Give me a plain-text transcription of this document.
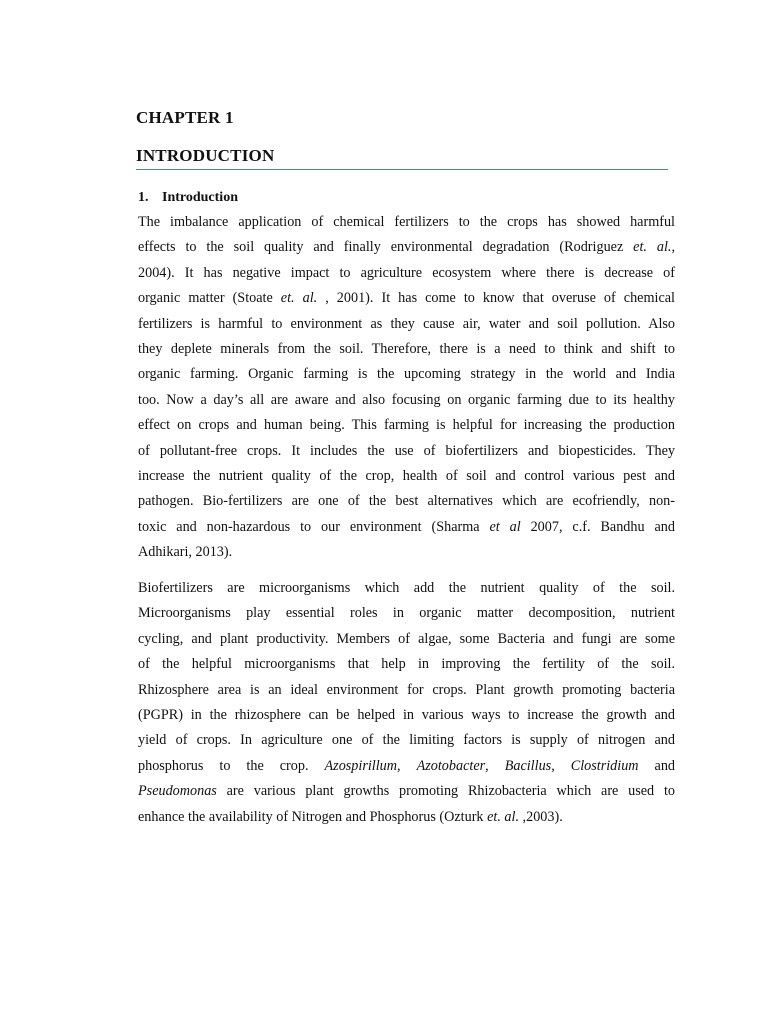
CHAPTER 1
INTRODUCTION
1. Introduction

The imbalance application of chemical fertilizers to the crops has showed harmful
effects to the soil quality and finally environmental degradation (Rodriguez et. al.,
2004). It has negative impact to agriculture ecosystem where there is decrease of
organic matter (Stoate et. al. , 2001). It has come to know that overuse of chemical
fertilizers is harmful to environment as they cause air, water and soil pollution. Also
they deplete minerals from the soil. Therefore, there is a need to think and shift to
organic farming. Organic farming is the upcoming strategy in the world and India
too. Now a day’s all are aware and also focusing on organic farming due to its healthy
effect on crops and human being. This farming is helpful for increasing the production
of pollutant-free crops. It includes the use of biofertilizers and biopesticides. They
increase the nutrient quality of the crop, health of soil and control various pest and
pathogen. Bio-fertilizers are one of the best alternatives which are ecofriendly, non-
toxic and non-hazardous to our environment (Sharma et al 2007, c.f. Bandhu and
Adhikari, 2013).

Biofertilizers are microorganisms which add the nutrient quality of the soil.
Microorganisms play essential roles in organic matter decomposition, nutrient
cycling, and plant productivity. Members of algae, some Bacteria and fungi are some
of the helpful microorganisms that help in improving the fertility of the soil.
Rhizosphere area is an ideal environment for crops. Plant growth promoting bacteria
(PGPR) in the rhizosphere can be helped in various ways to increase the growth and
yield of crops. In agriculture one of the limiting factors is supply of nitrogen and
phosphorus to the crop. Azospirillum, Azotobacter, Bacillus, Clostridium and
Pseudomonas are various plant growths promoting Rhizobacteria which are used to
enhance the availability of Nitrogen and Phosphorus (Ozturk et. al. ,2003).
